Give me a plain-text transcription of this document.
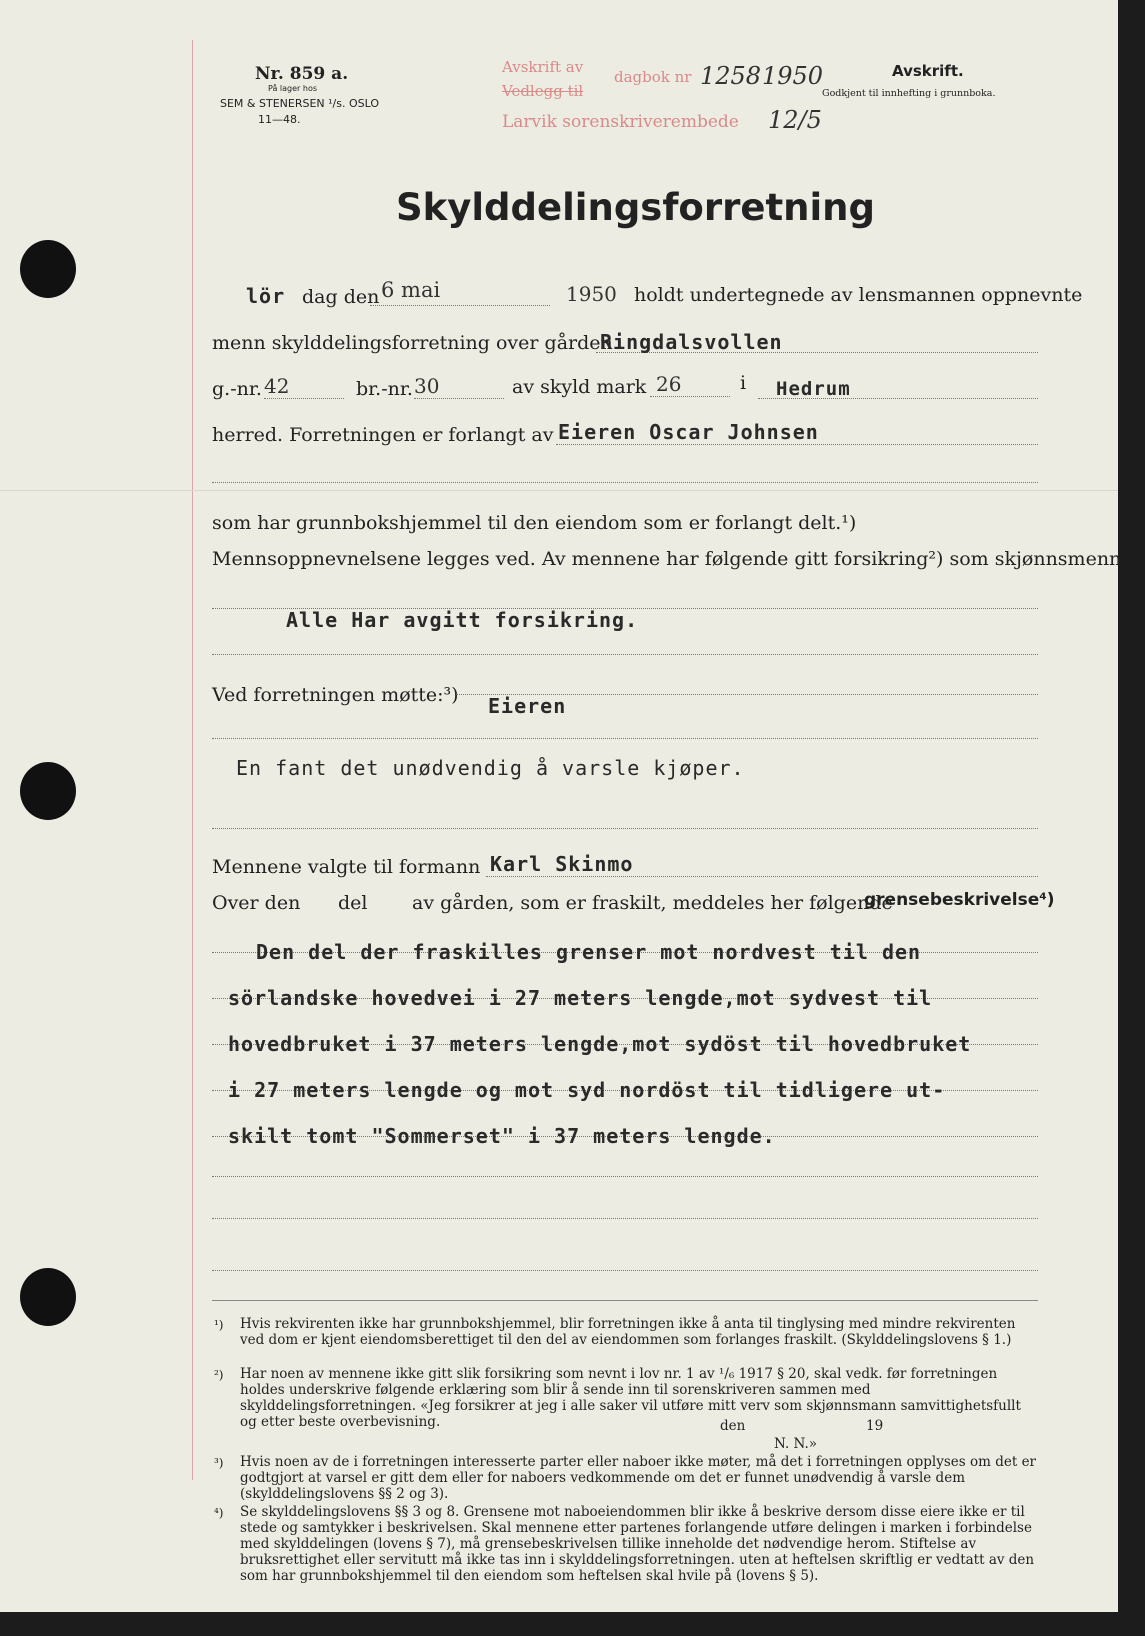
Nr. 859 a.
På lager hos
SEM & STENERSEN ¹/s. OSLO
11—48.
Avskrift av
Vedlegg til
dagbok nr
Larvik sorenskriverembede
1258 1950
12/5
Avskrift.
Godkjent til innhefting i grunnboka.
Skylddelingsforretning
lör dag den 6 mai	1950 holdt undertegnede av lensmannen oppnevnte
menn skylddelingsforretning over gården
Ringdalsvollen
g.-nr. 42	br.-nr. 30	av skyld mark 26	i Hedrum
herred. Forretningen er forlangt av Eieren Oscar Johnsen
som har grunnbokshjemmel til den eiendom som er forlangt delt.¹)
Mennsoppnevnelsene legges ved. Av mennene har følgende gitt forsikring²) som skjønnsmenn
Alle Har avgitt forsikring.
Ved forretningen møtte:³) Eieren
En fant det unødvendig å varsle kjøper.
Mennene valgte til formann Karl Skinmo
Over den del av gården, som er fraskilt, meddeles her følgende
grensebeskrivelse⁴)
Den del der fraskilles grenser mot nordvest til den
sörlandske hovedvei i 27 meters lengde,mot sydvest til
hovedbruket i 37 meters lengde,mot sydöst til hovedbruket
i 27 meters lengde og mot syd nordöst til tidligere ut-
skilt tomt "Sommerset" i 37 meters lengde.
¹) Hvis rekvirenten ikke har grunnbokshjemmel, blir forretningen ikke å anta til tinglysing med mindre rekvirenten ved dom er kjent eiendomsberettiget til den del av eiendommen som forlanges fraskilt. (Skylddelingslovens § 1.)
²) Har noen av mennene ikke gitt slik forsikring som nevnt i lov nr. 1 av ¹/₆ 1917 § 20, skal vedk. før forretningen holdes underskrive følgende erklæring som blir å sende inn til sorenskriveren sammen med skylddelingsforretningen. «Jeg forsikrer at jeg i alle saker vil utføre mitt verv som skjønnsmann samvittighetsfullt og etter beste overbevisning.	den	19
N. N.»
³) Hvis noen av de i forretningen interesserte parter eller naboer ikke møter, må det i forretningen opplyses om det er godtgjort at varsel er gitt dem eller for naboers vedkommende om det er funnet unødvendig å varsle dem (skylddelingslovens §§ 2 og 3).
⁴) Se skylddelingslovens §§ 3 og 8. Grensene mot naboeiendommen blir ikke å beskrive dersom disse eiere ikke er til stede og samtykker i beskrivelsen. Skal mennene etter partenes forlangende utføre delingen i marken i forbindelse med skylddelingen (lovens § 7), må grensebeskrivelsen tillike inneholde det nødvendige herom. Stiftelse av bruksrettighet eller servitutt må ikke tas inn i skylddelingsforretningen. uten at heftelsen skriftlig er vedtatt av den som har grunnbokshjemmel til den eiendom som heftelsen skal hvile på (lovens § 5).
